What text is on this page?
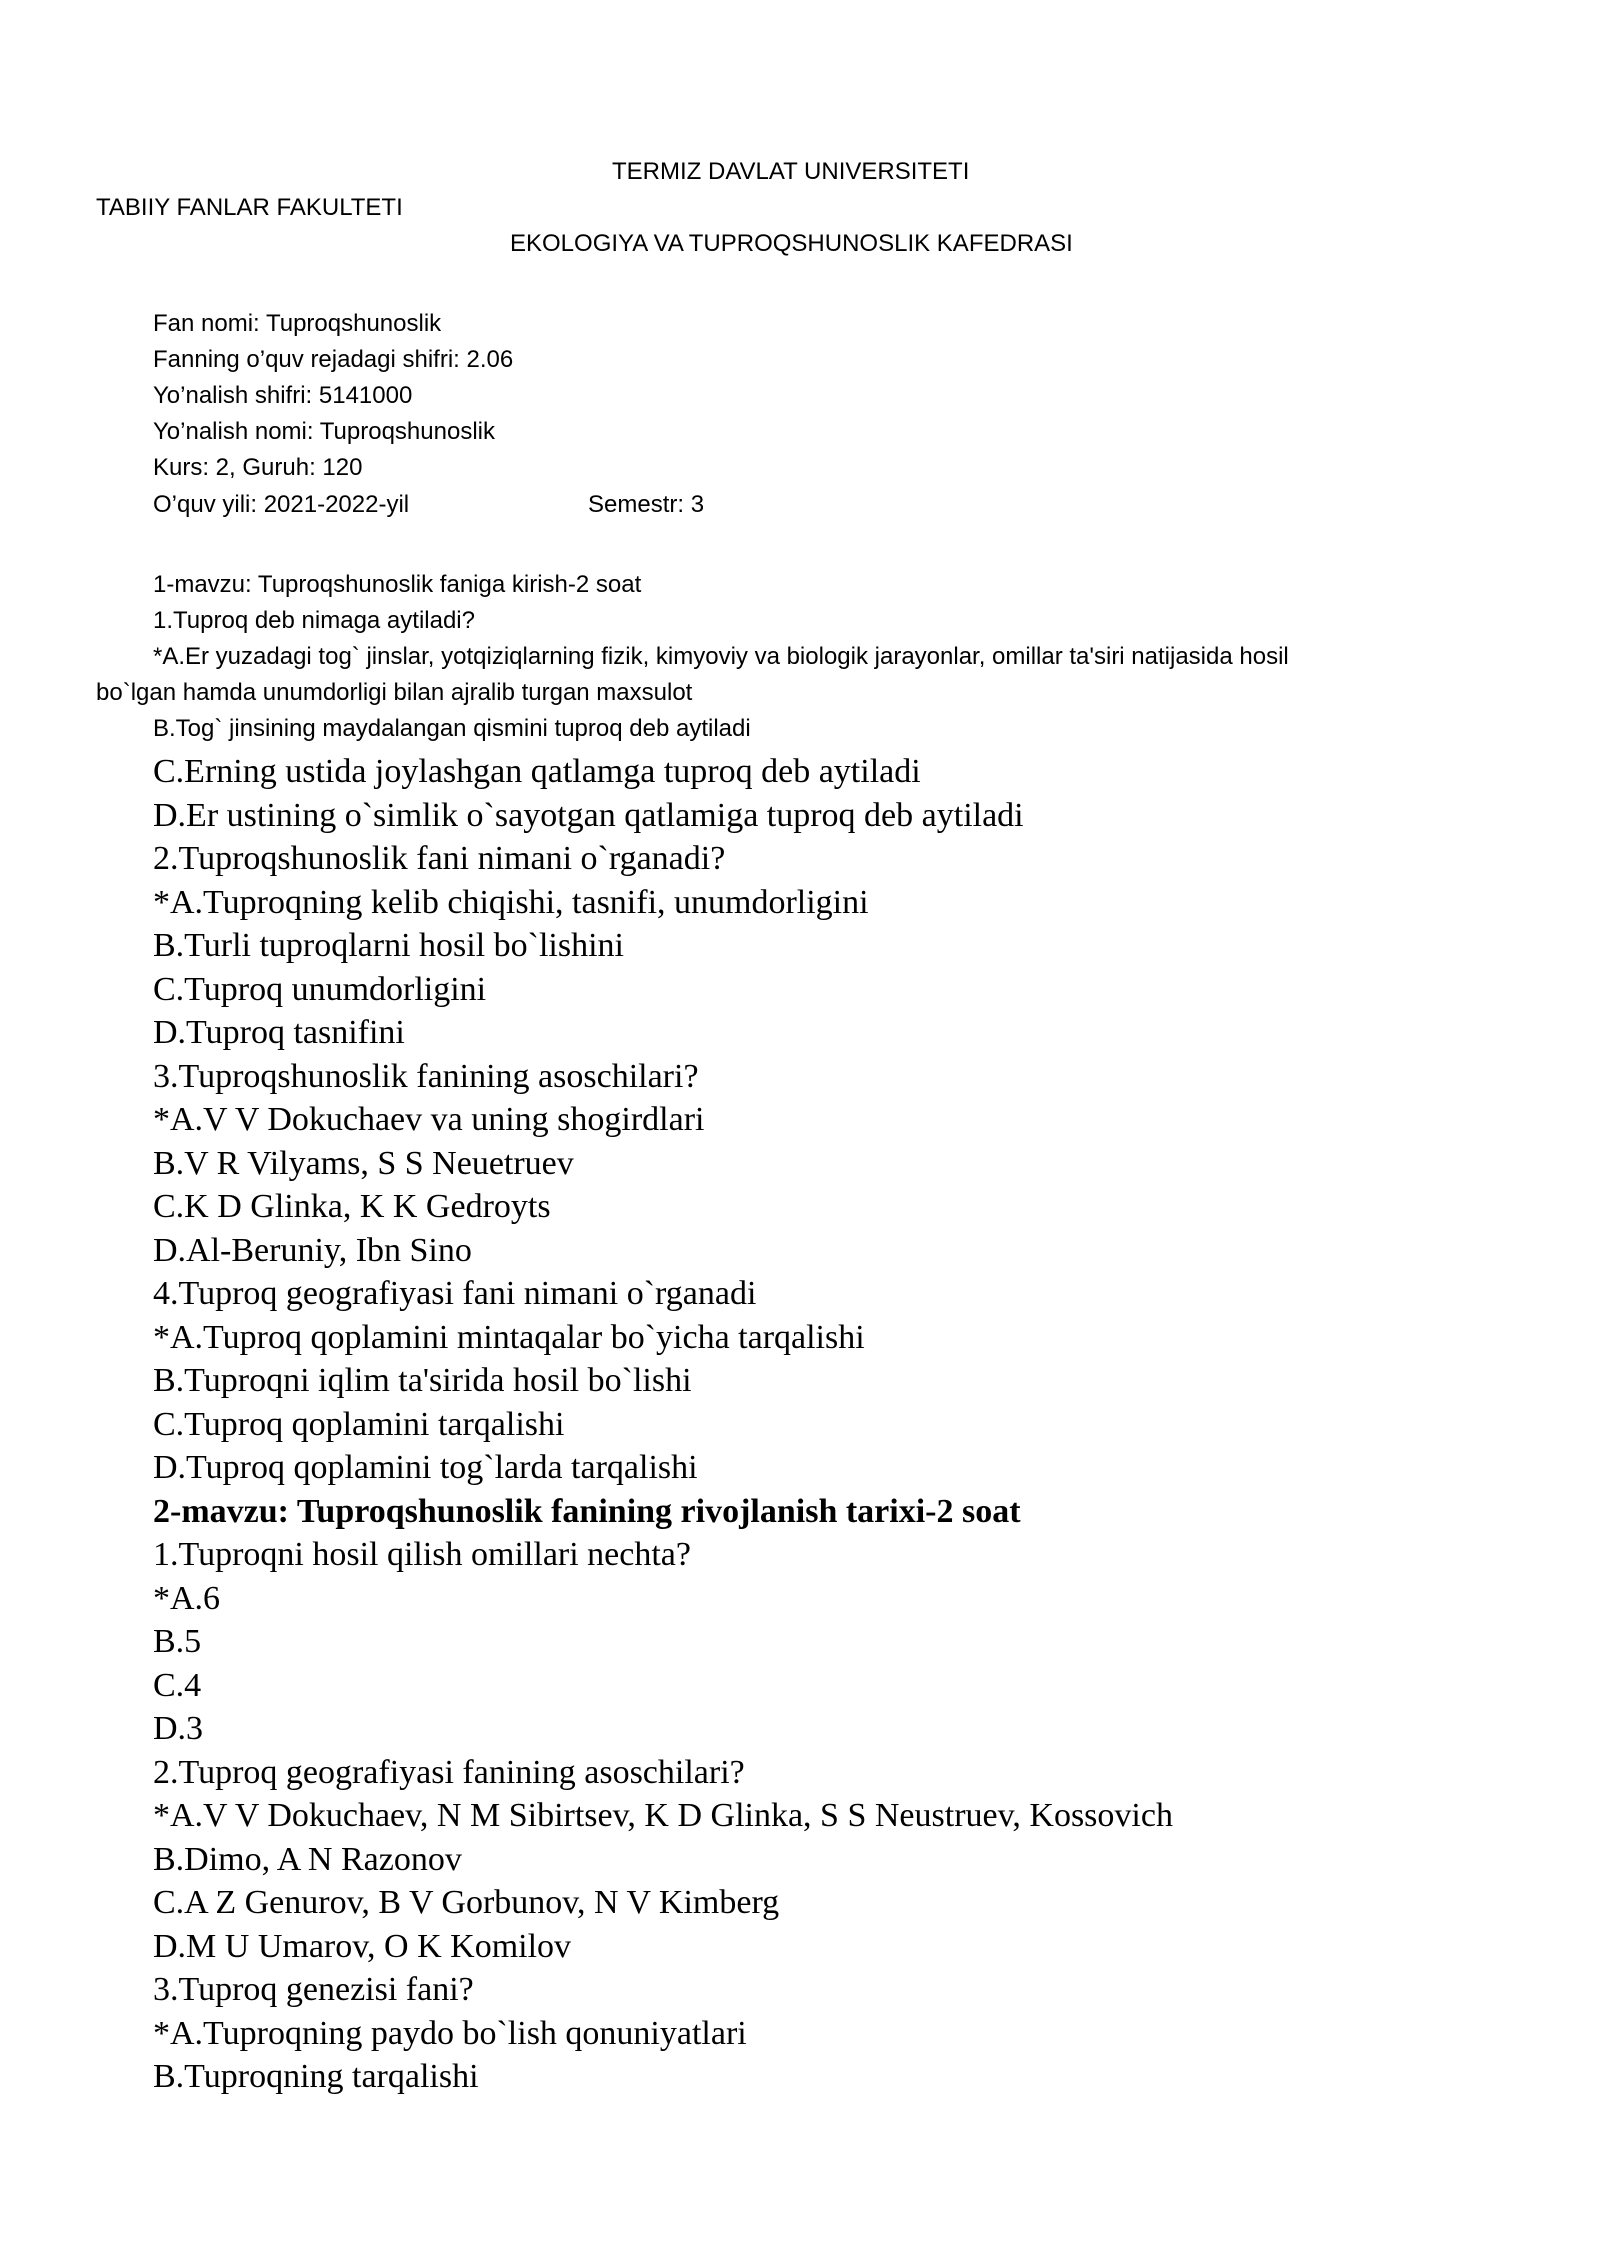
TERMIZ DAVLAT UNIVERSITETI
TABIIY FANLAR FAKULTETI
EKOLOGIYA VA TUPROQSHUNOSLIK KAFEDRASI
Fan nomi: Tuproqshunoslik
Fanning o’quv rejadagi shifri: 2.06
Yo’nalish shifri: 5141000
Yo’nalish nomi: Tuproqshunoslik
Kurs: 2, Guruh: 120
O’quv yili: 2021-2022-yil	Semestr: 3
1-mavzu: Tuproqshunoslik faniga kirish-2 soat
1.Tuproq deb nimaga aytiladi?
*A.Er yuzadagi tog` jinslar, yotqiziqlarning fizik, kimyoviy va biologik jarayonlar, omillar ta'siri natijasida hosil
bo`lgan hamda unumdorligi bilan ajralib turgan maxsulot
B.Tog` jinsining maydalangan qismini tuproq deb aytiladi
C.Erning ustida joylashgan qatlamga tuproq deb aytiladi
D.Er ustining o`simlik o`sayotgan qatlamiga tuproq deb aytiladi
2.Tuproqshunoslik fani nimani o`rganadi?
*A.Tuproqning kelib chiqishi, tasnifi, unumdorligini
B.Turli tuproqlarni hosil bo`lishini
C.Tuproq unumdorligini
D.Tuproq tasnifini
3.Tuproqshunoslik fanining asoschilari?
*A.V V Dokuchaev va uning shogirdlari
B.V R Vilyams, S S Neuetruev
C.K D Glinka, K K Gedroyts
D.Al-Beruniy, Ibn Sino
4.Tuproq geografiyasi fani nimani o`rganadi
*A.Tuproq qoplamini mintaqalar bo`yicha tarqalishi
B.Tuproqni iqlim ta'sirida hosil bo`lishi
C.Tuproq qoplamini tarqalishi
D.Tuproq qoplamini tog`larda tarqalishi
2-mavzu: Tuproqshunoslik fanining rivojlanish tarixi-2 soat
1.Tuproqni hosil qilish omillari nechta?
*A.6
B.5
C.4
D.3
2.Tuproq geografiyasi fanining asoschilari?
*A.V V Dokuchaev, N M Sibirtsev, K D Glinka, S S Neustruev, Kossovich
B.Dimo, A N Razonov
C.A Z Genurov, B V Gorbunov, N V Kimberg
D.M U Umarov, O K Komilov
3.Tuproq genezisi fani?
*A.Tuproqning paydo bo`lish qonuniyatlari
B.Tuproqning tarqalishi
